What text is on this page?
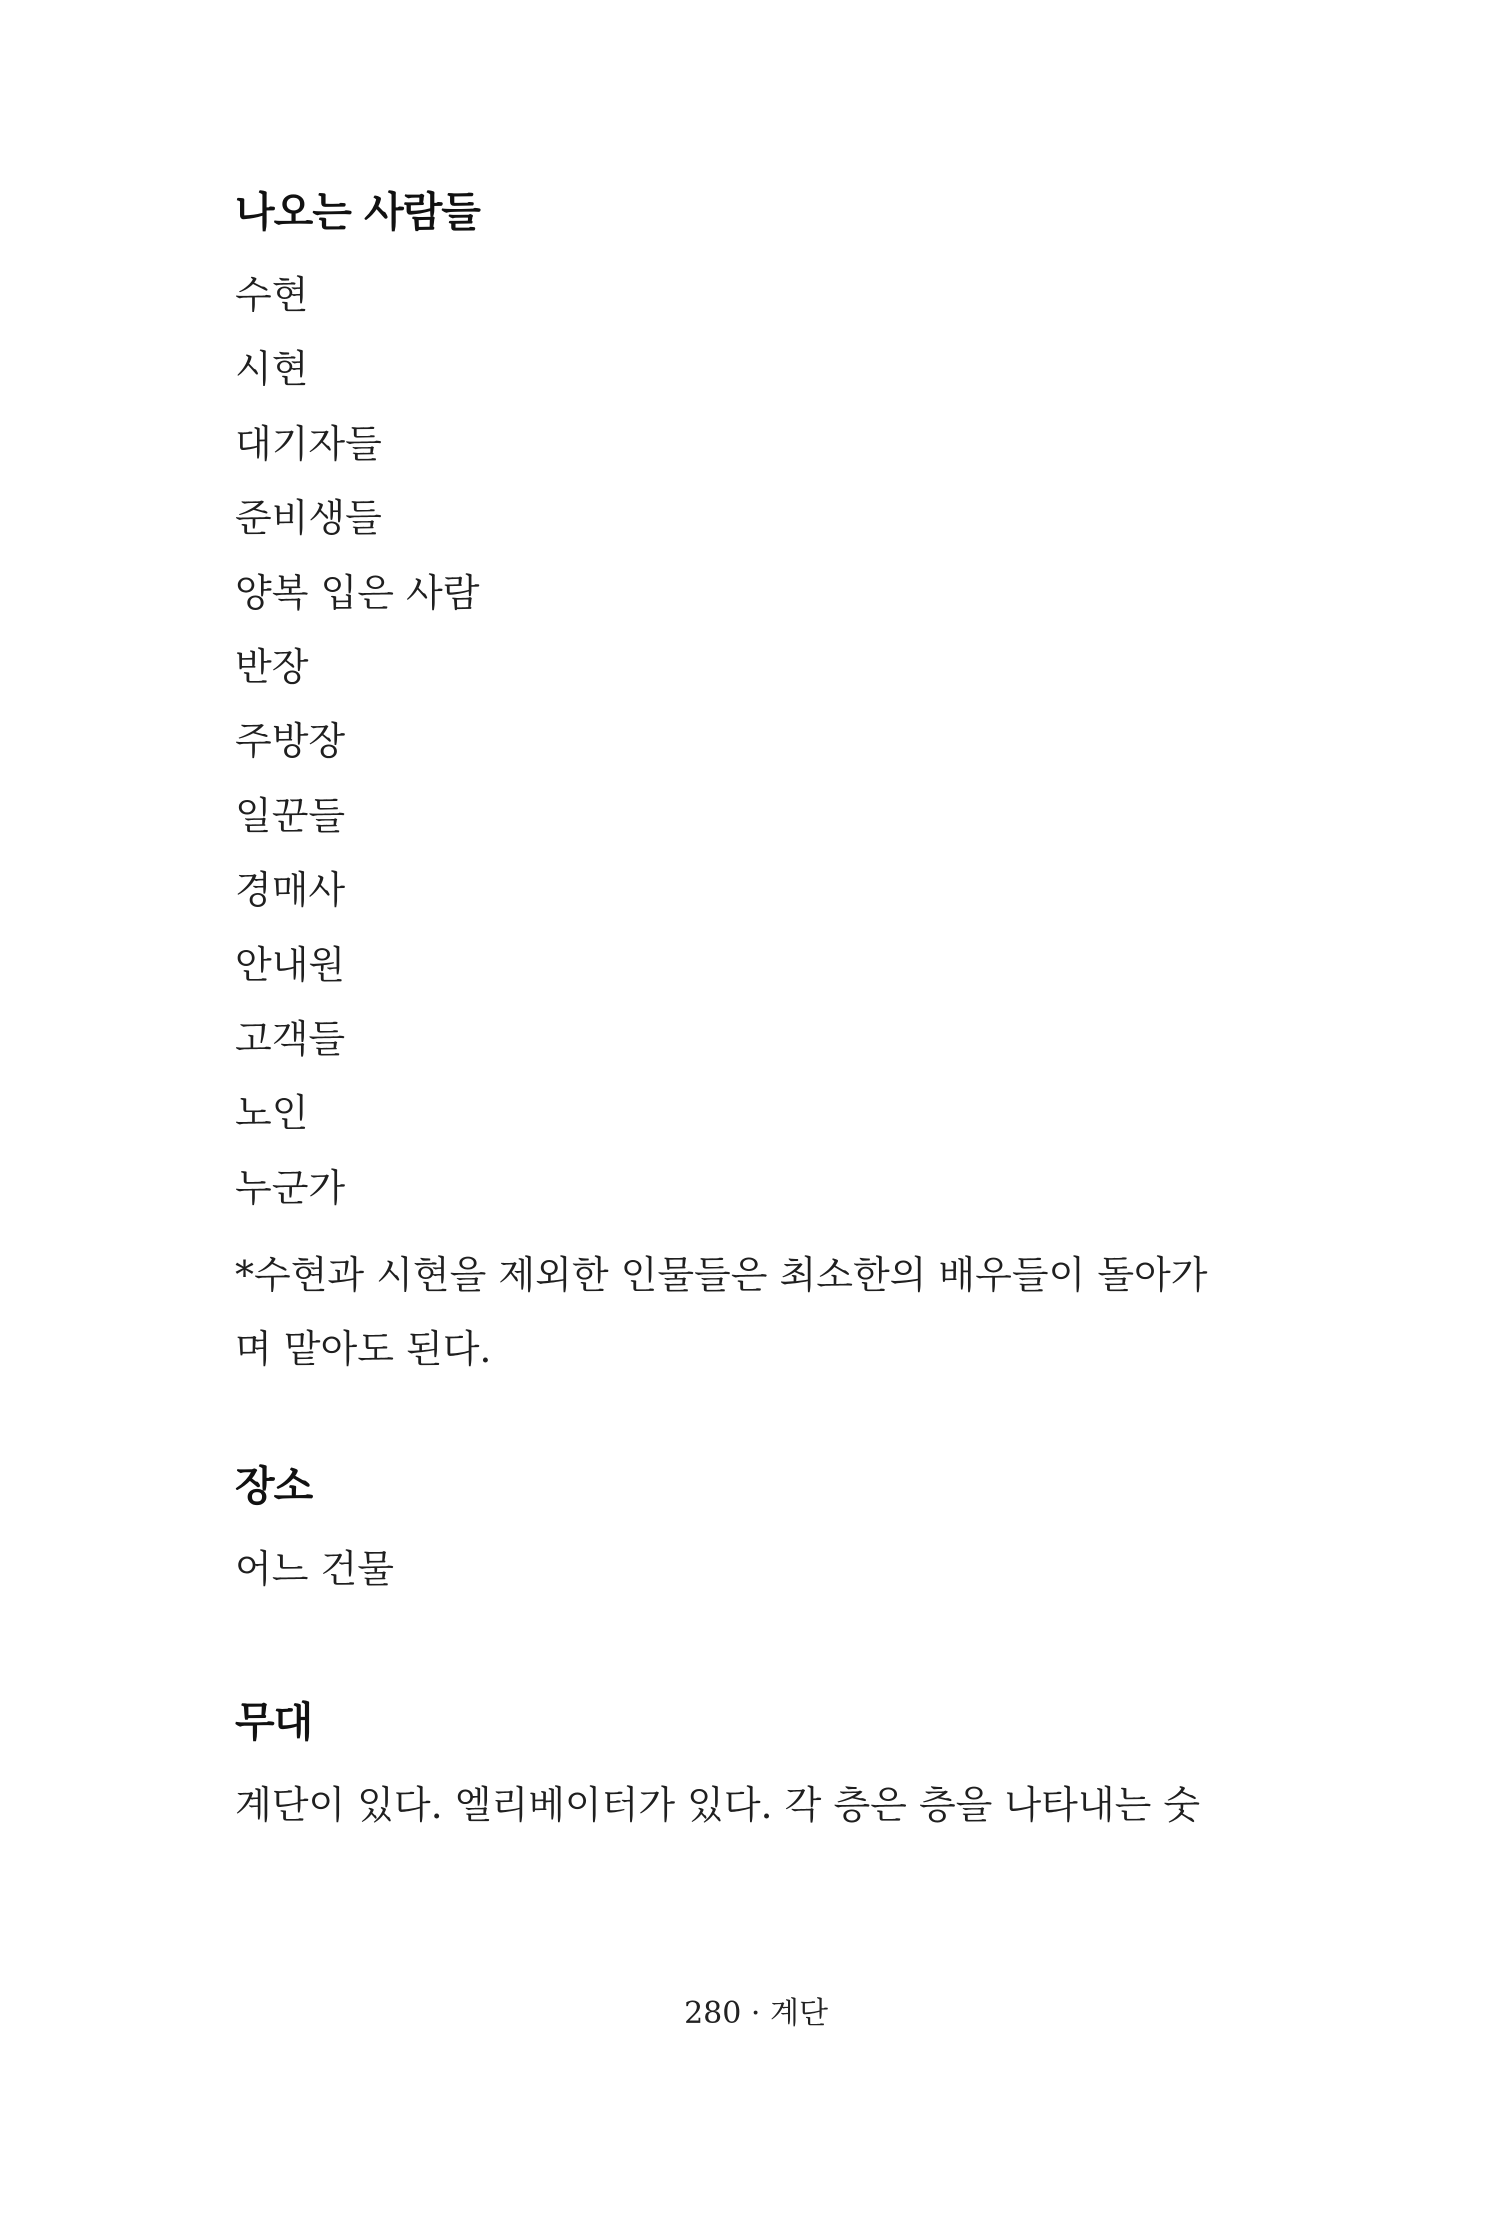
나오는 사람들
수현
시현
대기자들
준비생들
양복 입은 사람
반장
주방장
일꾼들
경매사
안내원
고객들
노인
누군가

*수현과 시현을 제외한 인물들은 최소한의 배우들이 돌아가며 맡아도 된다.

장소

어느 건물

무대

계단이 있다. 엘리베이터가 있다. 각 층은 층을 나타내는 숫

280 · 계단
